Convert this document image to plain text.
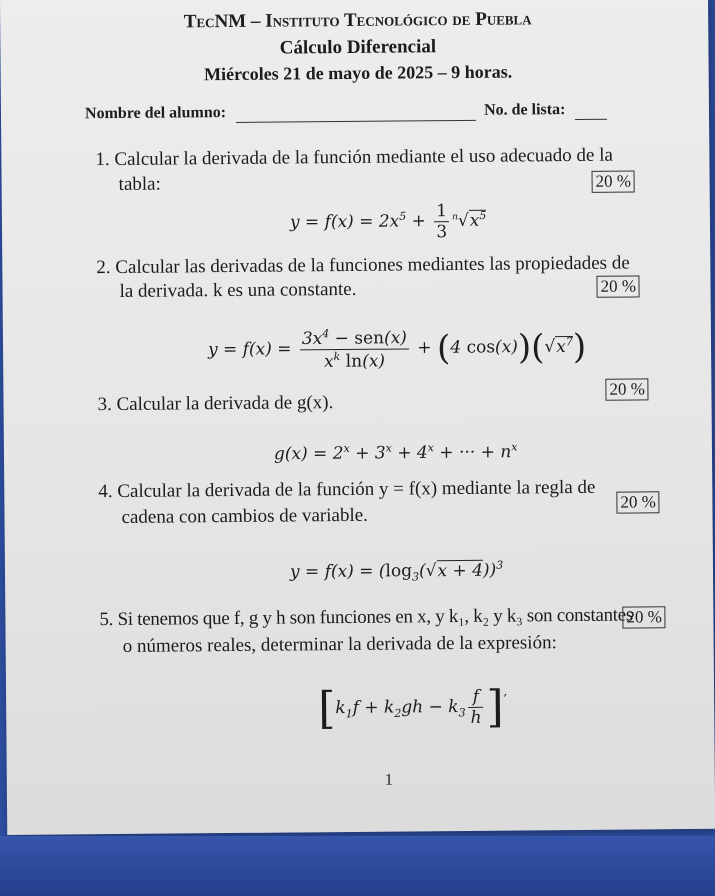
TecNM – Instituto Tecnológico de Puebla
Cálculo Diferencial
Miércoles 21 de mayo de 2025 – 9 horas.
Nombre del alumno:	No. de lista:
1. Calcular la derivada de la función mediante el uso adecuado de la
tabla:	20 %
$y = f(x) = 2x^5 + \frac{1}{3} ^n√x^5$
2. Calcular las derivadas de la funciones mediantes las propiedades de
la derivada. k es una constante.	20 %
$y = f(x) = \frac{3x^4 - sen(x)}{x^k \ln(x)} + (4$ $\cos(x))(√x^7)$
3. Calcular la derivada de g(x).
20 %
$g(x) = 2^x + 3^x + 4^x$ + ··· + $n^x$
4. Calcular la derivada de la función y = f(x) mediante la regla de
cadena con cambios de variable.
20 %
$y = f(x) = (\log_3(√x + 4))^3$
5. Si tenemos que f, g y h son funciones en x, y k₁, k₂ y k₃ son constantes
o números reales, determinar la derivada de la expresión:
20 %
[$k_1f + k_2gh - k_3 \frac{f}{h}$ ]′
1
